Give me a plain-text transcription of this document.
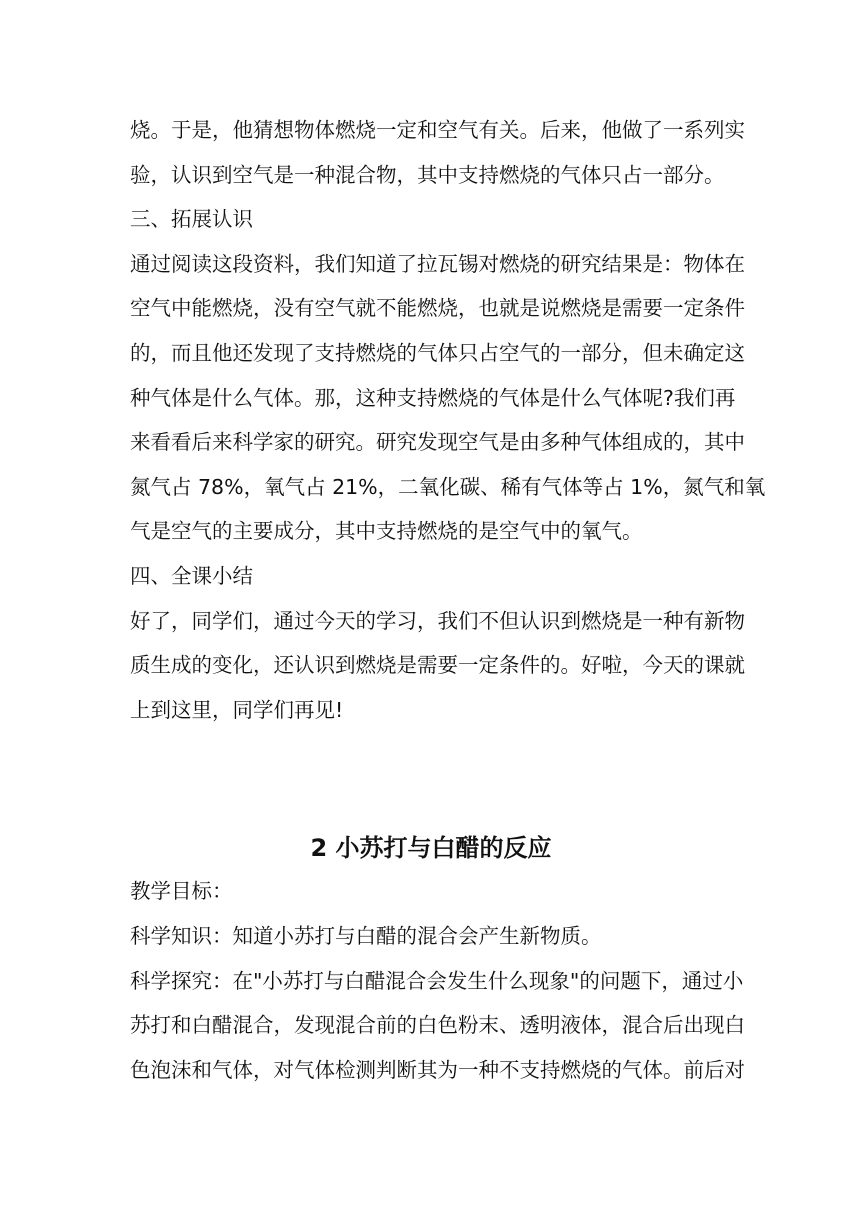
烧。于是，他猜想物体燃烧一定和空气有关。后来，他做了一系列实
验，认识到空气是一种混合物，其中支持燃烧的气体只占一部分。
三、拓展认识
通过阅读这段资料，我们知道了拉瓦锡对燃烧的研究结果是：物体在
空气中能燃烧，没有空气就不能燃烧，也就是说燃烧是需要一定条件
的，而且他还发现了支持燃烧的气体只占空气的一部分，但未确定这
种气体是什么气体。那，这种支持燃烧的气体是什么气体呢?我们再
来看看后来科学家的研究。研究发现空气是由多种气体组成的，其中
氮气占 78%，氧气占 21%，二氧化碳、稀有气体等占 1%，氮气和氧
气是空气的主要成分，其中支持燃烧的是空气中的氧气。
四、全课小结
好了，同学们，通过今天的学习，我们不但认识到燃烧是一种有新物
质生成的变化，还认识到燃烧是需要一定条件的。好啦，今天的课就
上到这里，同学们再见!
2 小苏打与白醋的反应
教学目标：
科学知识：知道小苏打与白醋的混合会产生新物质。
科学探究：在"小苏打与白醋混合会发生什么现象"的问题下，通过小
苏打和白醋混合，发现混合前的白色粉末、透明液体，混合后出现白
色泡沫和气体，对气体检测判断其为一种不支持燃烧的气体。前后对
